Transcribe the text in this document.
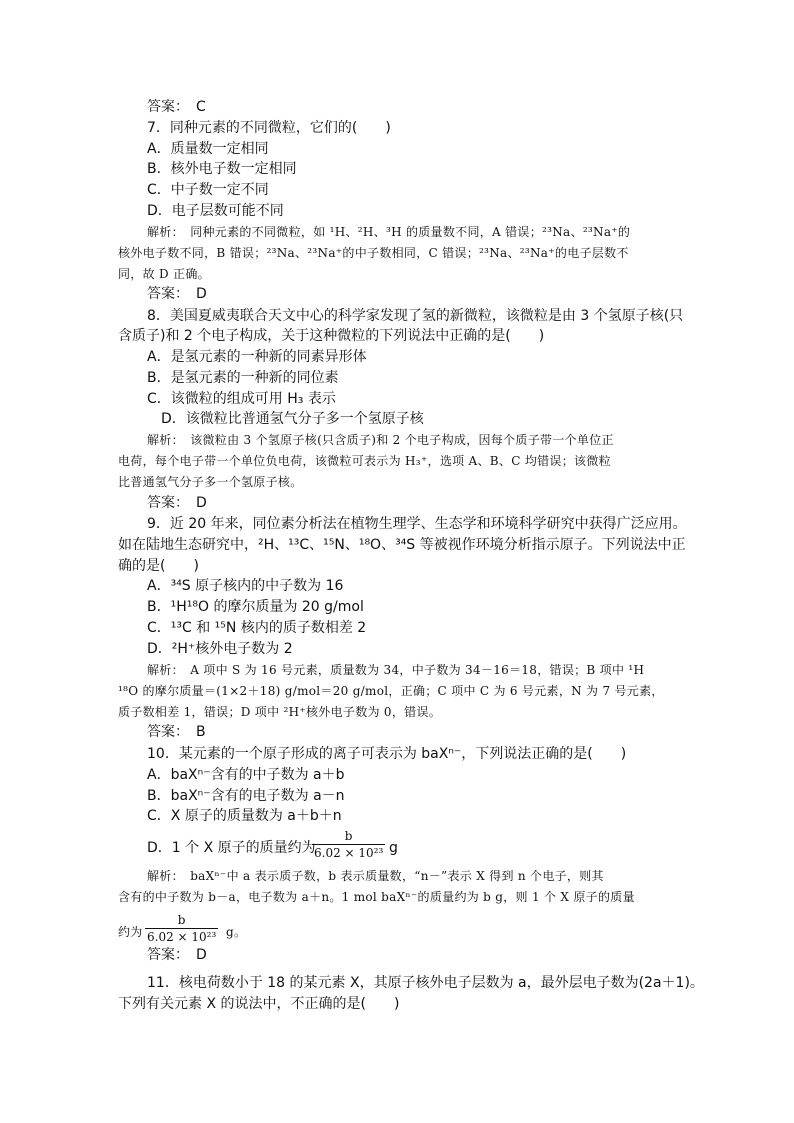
答案：　C
7．同种元素的不同微粒，它们的(　　)
A．质量数一定相同
B．核外电子数一定相同
C．中子数一定不同
D．电子层数可能不同
解析：　同种元素的不同微粒，如 ¹H、²H、³H 的质量数不同，A 错误；²³Na、²³Na⁺的
核外电子数不同，B 错误；²³Na、²³Na⁺的中子数相同，C 错误；²³Na、²³Na⁺的电子层数不
同，故 D 正确。
答案：　D
8．美国夏威夷联合天文中心的科学家发现了氢的新微粒，该微粒是由 3 个氢原子核(只
含质子)和 2 个电子构成，关于这种微粒的下列说法中正确的是(　　)
A．是氢元素的一种新的同素异形体
B．是氢元素的一种新的同位素
C．该微粒的组成可用 H₃ 表示
D．该微粒比普通氢气分子多一个氢原子核
解析：　该微粒由 3 个氢原子核(只含质子)和 2 个电子构成，因每个质子带一个单位正
电荷，每个电子带一个单位负电荷，该微粒可表示为 H₃⁺，选项 A、B、C 均错误；该微粒
比普通氢气分子多一个氢原子核。
答案：　D
9．近 20 年来，同位素分析法在植物生理学、生态学和环境科学研究中获得广泛应用。
如在陆地生态研究中，²H、¹³C、¹⁵N、¹⁸O、³⁴S 等被视作环境分析指示原子。下列说法中正
确的是(　　)
A．³⁴S 原子核内的中子数为 16
B．¹H¹⁸O 的摩尔质量为 20 g/mol
C．¹³C 和 ¹⁵N 核内的质子数相差 2
D．²H⁺核外电子数为 2
解析：　A 项中 S 为 16 号元素，质量数为 34，中子数为 34－16＝18，错误；B 项中 ¹H
¹⁸O 的摩尔质量＝(1×2＋18) g/mol＝20 g/mol，正确；C 项中 C 为 6 号元素，N 为 7 号元素，
质子数相差 1，错误；D 项中 ²H⁺核外电子数为 0，错误。
答案：　B
10．某元素的一个原子形成的离子可表示为 baXⁿ⁻，下列说法正确的是(　　)
A．baXⁿ⁻含有的中子数为 a＋b
B．baXⁿ⁻含有的电子数为 a－n
C．X 原子的质量数为 a＋b＋n
D．1 个 X 原子的质量约为
$\frac{b}{\text{6.02 × 10²³}}$ g
解析：　baXⁿ⁻中 a 表示质子数，b 表示质量数，“n－”表示 X 得到 n 个电子，则其
含有的中子数为 b－a，电子数为 a＋n。1 mol baXⁿ⁻的质量约为 b g，则 1 个 X 原子的质量
约为 $\frac{b}{\text{6.02 × 10²³}}$ g。
答案：　D
11．核电荷数小于 18 的某元素 X，其原子核外电子层数为 a，最外层电子数为(2a＋1)。
下列有关元素 X 的说法中，不正确的是(　　)
